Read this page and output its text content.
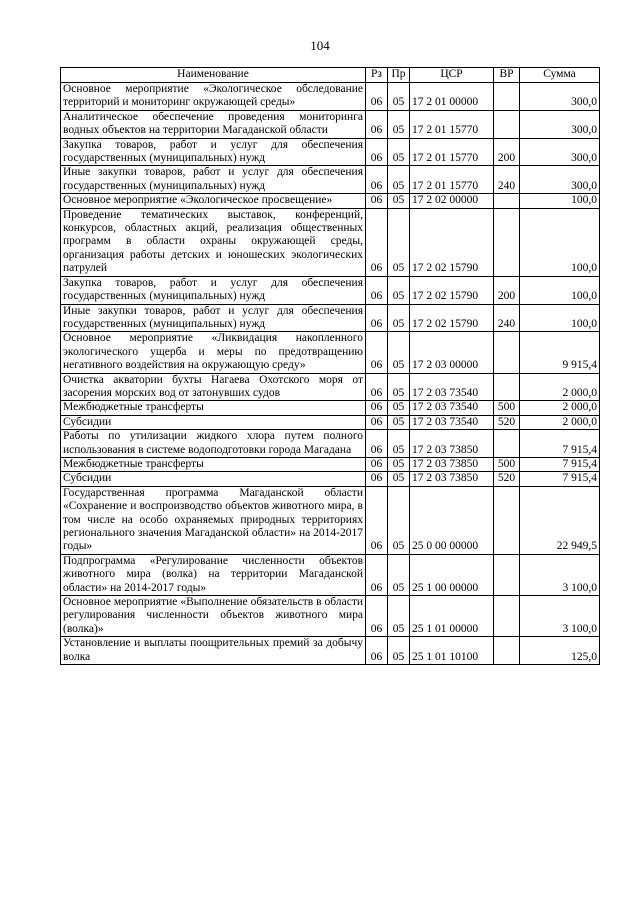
104
Наименование	Рз	Пр	ЦСР	ВР	Сумма
Основное мероприятие «Экологическое обследование территорий и мониторинг окружающей среды»	06	05	17 2 01 00000		300,0
Аналитическое обеспечение проведения мониторинга водных объектов на территории Магаданской области	06	05	17 2 01 15770		300,0
Закупка товаров, работ и услуг для обеспечения государственных (муниципальных) нужд	06	05	17 2 01 15770	200	300,0
Иные закупки товаров, работ и услуг для обеспечения государственных (муниципальных) нужд	06	05	17 2 01 15770	240	300,0
Основное мероприятие «Экологическое просвещение»	06	05	17 2 02 00000		100,0
Проведение тематических выставок, конференций, конкурсов, областных акций, реализация общественных программ в области охраны окружающей среды, организация работы детских и юношеских экологических патрулей	06	05	17 2 02 15790		100,0
Закупка товаров, работ и услуг для обеспечения государственных (муниципальных) нужд	06	05	17 2 02 15790	200	100,0
Иные закупки товаров, работ и услуг для обеспечения государственных (муниципальных) нужд	06	05	17 2 02 15790	240	100,0
Основное мероприятие «Ликвидация накопленного экологического ущерба и меры по предотвращению негативного воздействия на окружающую среду»	06	05	17 2 03 00000		9 915,4
Очистка акватории бухты Нагаева Охотского моря от засорения морских вод от затонувших судов	06	05	17 2 03 73540		2 000,0
Межбюджетные трансферты	06	05	17 2 03 73540	500	2 000,0
Субсидии	06	05	17 2 03 73540	520	2 000,0
Работы по утилизации жидкого хлора путем полного использования в системе водоподготовки города Магадана	06	05	17 2 03 73850		7 915,4
Межбюджетные трансферты	06	05	17 2 03 73850	500	7 915,4
Субсидии	06	05	17 2 03 73850	520	7 915,4
Государственная программа Магаданской области «Сохранение и воспроизводство объектов животного мира, в том числе на особо охраняемых природных территориях регионального значения Магаданской области» на 2014-2017 годы»	06	05	25 0 00 00000		22 949,5
Подпрограмма «Регулирование численности объектов животного мира (волка) на территории Магаданской области» на 2014-2017 годы»	06	05	25 1 00 00000		3 100,0
Основное мероприятие «Выполнение обязательств в области регулирования численности объектов животного мира (волка)»	06	05	25 1 01 00000		3 100,0
Установление и выплаты поощрительных премий за добычу волка	06	05	25 1 01 10100		125,0
